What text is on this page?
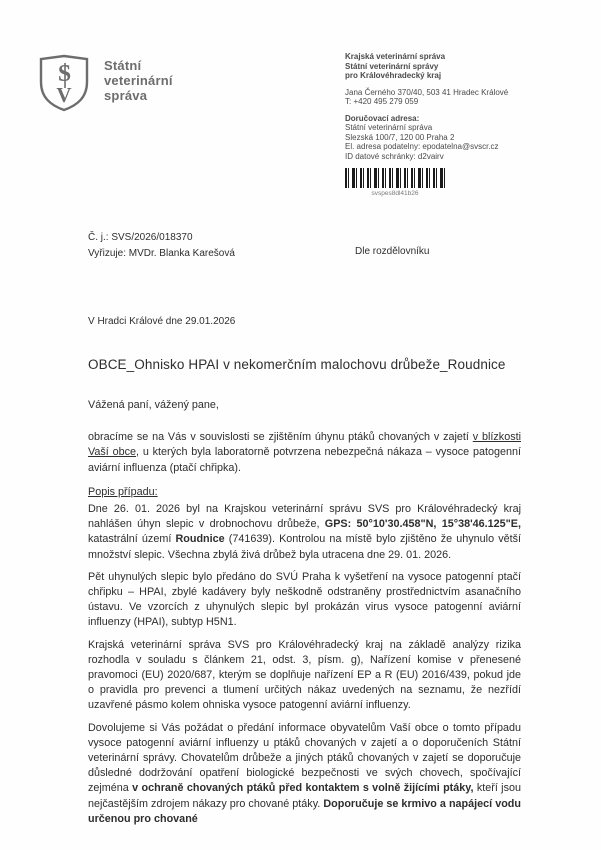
S
V
Státní
veterinární
správa
Krajská veterinární správa
Státní veterinární správy
pro Královéhradecký kraj
Jana Černého 370/40, 503 41 Hradec Králové
T: +420 495 279 059
Doručovací adresa:
Státní veterinární správa
Slezská 100/7, 120 00 Praha 2
El. adresa podatelny: epodatelna@svscr.cz
ID datové schránky: d2vairv
svspes8dl41b26
Č. j.: SVS/2026/018370
Vyřizuje: MVDr. Blanka Karešová	Dle rozdělovníku
V Hradci Králové dne 29.01.2026
OBCE_Ohnisko HPAI v nekomerčním malochovu drůbeže_Roudnice

Vážená paní, vážený pane,

obracíme se na Vás v souvislosti se zjištěním úhynu ptáků chovaných v zajetí v blízkosti Vaší obce, u kterých byla laboratorně potvrzena nebezpečná nákaza – vysoce patogenní aviární influenza (ptačí chřipka).

Popis případu:

Dne 26. 01. 2026 byl na Krajskou veterinární správu SVS pro Královéhradecký kraj nahlášen úhyn slepic v drobnochovu drůbeže, GPS: 50°10'30.458"N, 15°38'46.125"E, katastrální území Roudnice (741639). Kontrolou na místě bylo zjištěno že uhynulo větší množství slepic. Všechna zbylá živá drůbež byla utracena dne 29. 01. 2026.

Pět uhynulých slepic bylo předáno do SVÚ Praha k vyšetření na vysoce patogenní ptačí chřipku – HPAI, zbylé kadávery byly neškodně odstraněny prostřednictvím asanačního ústavu. Ve vzorcích z uhynulých slepic byl prokázán virus vysoce patogenní aviární influenzy (HPAI), subtyp H5N1.

Krajská veterinární správa SVS pro Královéhradecký kraj na základě analýzy rizika rozhodla v souladu s článkem 21, odst. 3, písm. g), Nařízení komise v přenesené pravomoci (EU) 2020/687, kterým se doplňuje nařízení EP a R (EU) 2016/439, pokud jde o pravidla pro prevenci a tlumení určitých nákaz uvedených na seznamu, že nezřídí uzavřené pásmo kolem ohniska vysoce patogenní aviární influenzy.

Dovolujeme si Vás požádat o předání informace obyvatelům Vaší obce o tomto případu vysoce patogenní aviární influenzy u ptáků chovaných v zajetí a o doporučeních Státní veterinární správy. Chovatelům drůbeže a jiných ptáků chovaných v zajetí se doporučuje důsledné dodržování opatření biologické bezpečnosti ve svých chovech, spočívající zejména v ochraně chovaných ptáků před kontaktem s volně žijícími ptáky, kteří jsou nejčastějším zdrojem nákazy pro chované ptáky. Doporučuje se krmivo a napájecí vodu určenou pro chované
